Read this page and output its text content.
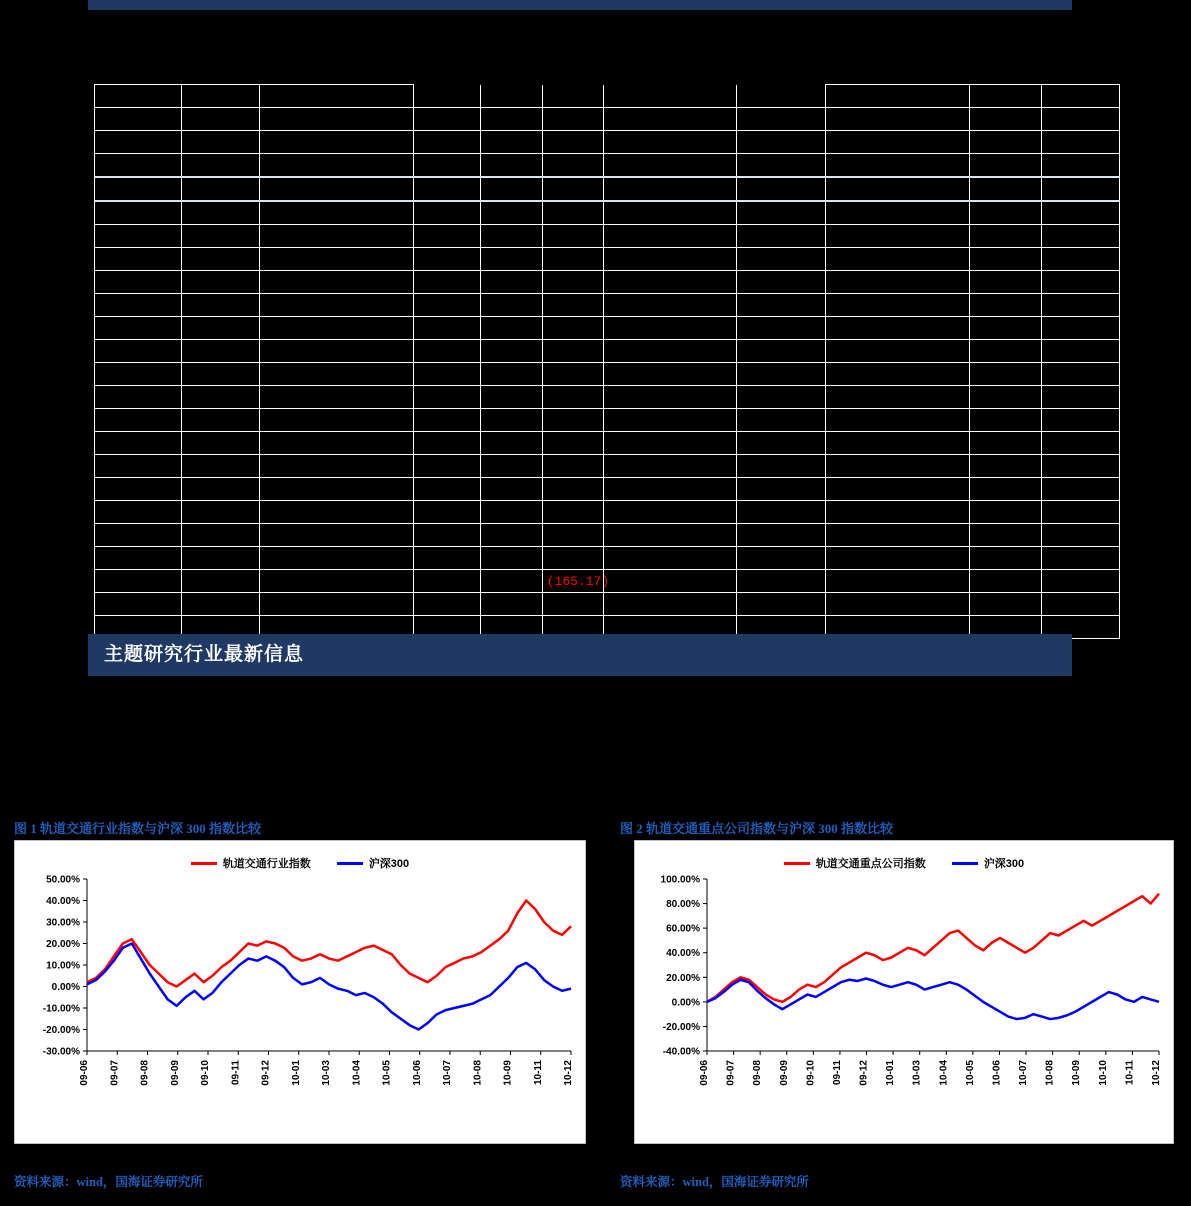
					(165.17)					

主题研究行业最新信息
图 1 轨道交通行业指数与沪深 300 指数比较	图 2 轨道交通重点公司指数与沪深 300 指数比较
轨道交通行业指数	沪深300
-30.00%
-20.00%
-10.00%
0.00%
10.00%
20.00%
30.00%
40.00%
50.00%
09-06 09-07 09-08 09-09 09-10 09-11 09-12 10-01 10-03 10-04 10-05 10-06 10-07 10-08 10-09 10-11 10-12
轨道交通重点公司指数	沪深300
-40.00%
-20.00%
0.00%
20.00%
40.00%
60.00%
80.00%
100.00%
09-06 09-07 09-08 09-09 09-10 09-11 09-12 10-01 10-03 10-04 10-05 10-06 10-07 10-08 10-09 10-10 10-11 10-12
资料来源：wind，国海证券研究所	资料来源：wind，国海证券研究所
